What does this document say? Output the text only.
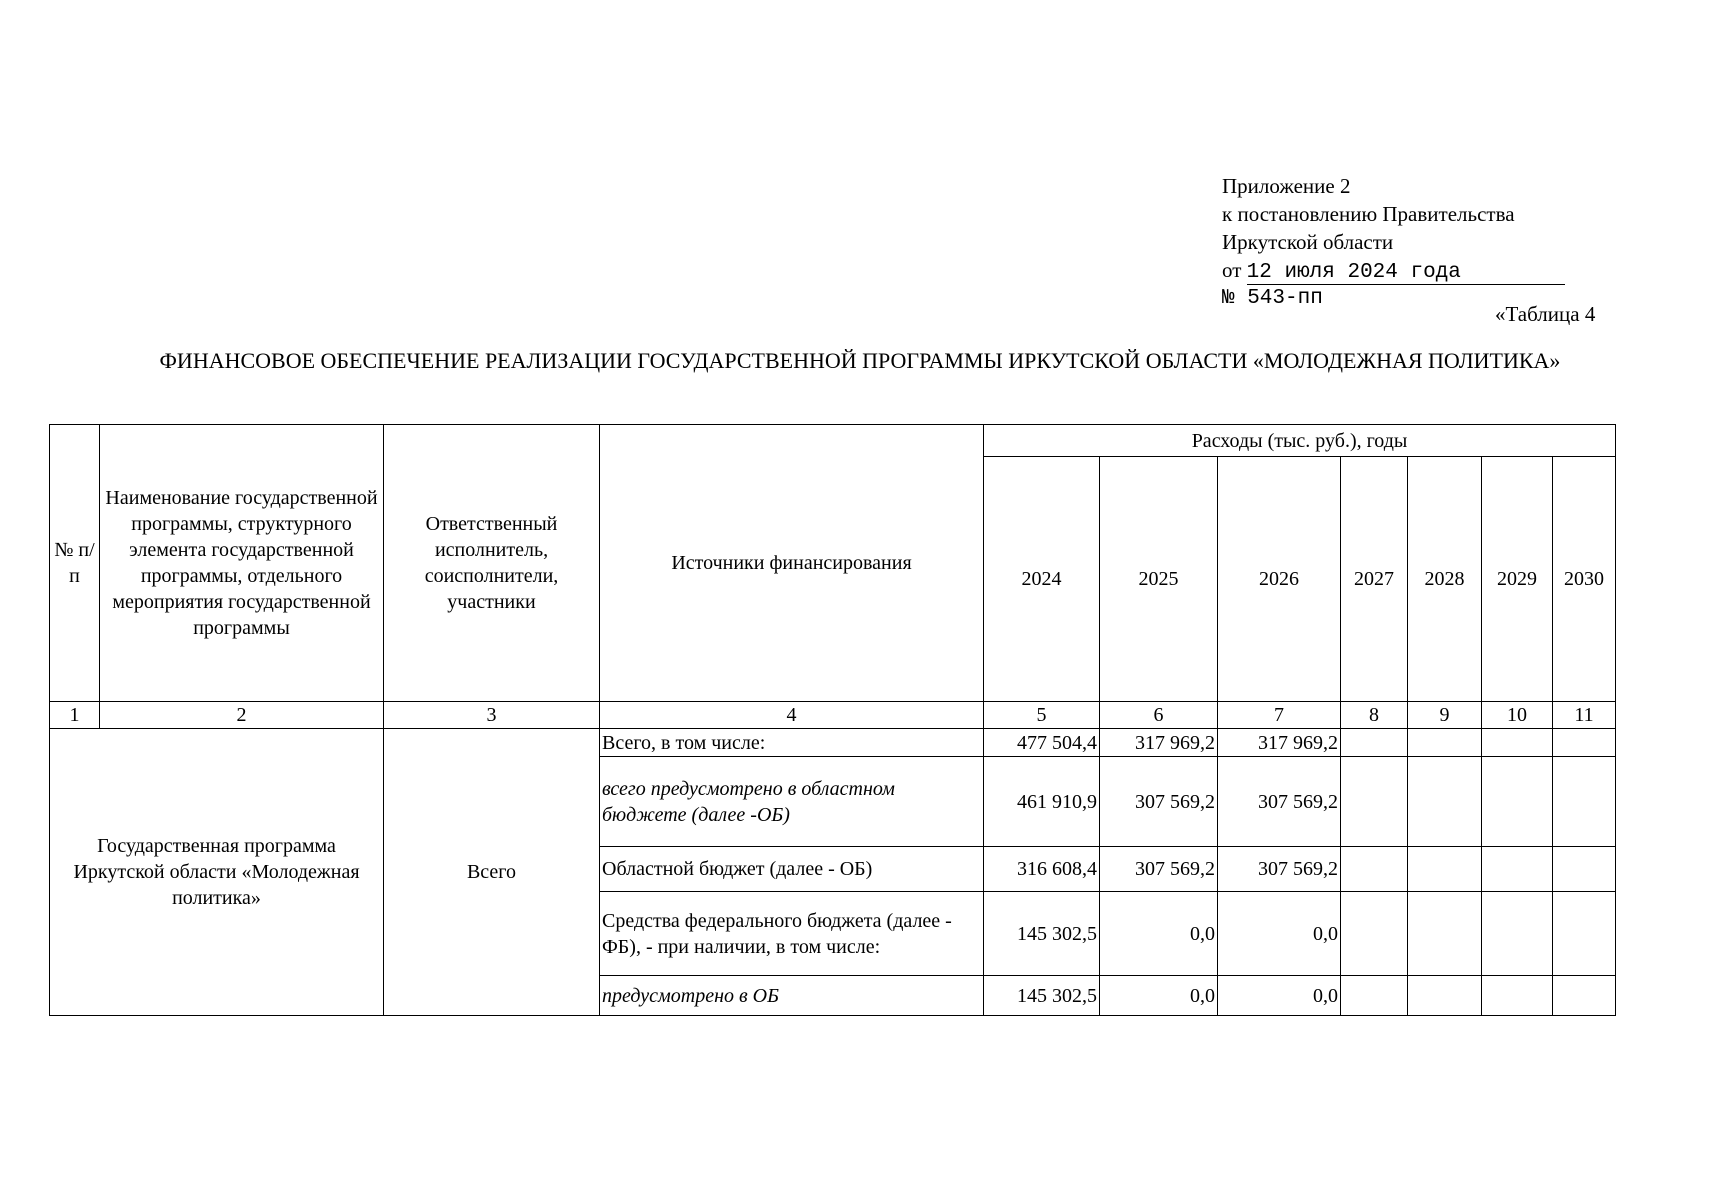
Приложение 2
к постановлению Правительства
Иркутской области
от 12 июля 2024 года
№ 543-пп
«Таблица 4
ФИНАНСОВОЕ ОБЕСПЕЧЕНИЕ РЕАЛИЗАЦИИ ГОСУДАРСТВЕННОЙ ПРОГРАММЫ ИРКУТСКОЙ ОБЛАСТИ «МОЛОДЕЖНАЯ ПОЛИТИКА»
№ п/п	Наименование государственной программы, структурного элемента государственной программы, отдельного мероприятия государственной программы	Ответственный исполнитель, соисполнители, участники	Источники финансирования	Расходы (тыс. руб.), годы						
				2024	2025	2026	2027	2028	2029	2030
1	2	3	4	5	6	7	8	9	10	11
Государственная программа Иркутской области «Молодежная политика»		Всего	Всего, в том числе:	477 504,4	317 969,2	317 969,2				
			всего предусмотрено в областном бюджете (далее -ОБ)	461 910,9	307 569,2	307 569,2				
			Областной бюджет (далее - ОБ)	316 608,4	307 569,2	307 569,2				
			Средства федерального бюджета (далее - ФБ), - при наличии, в том числе:	145 302,5	0,0	0,0				
			предусмотрено в ОБ	145 302,5	0,0	0,0				
